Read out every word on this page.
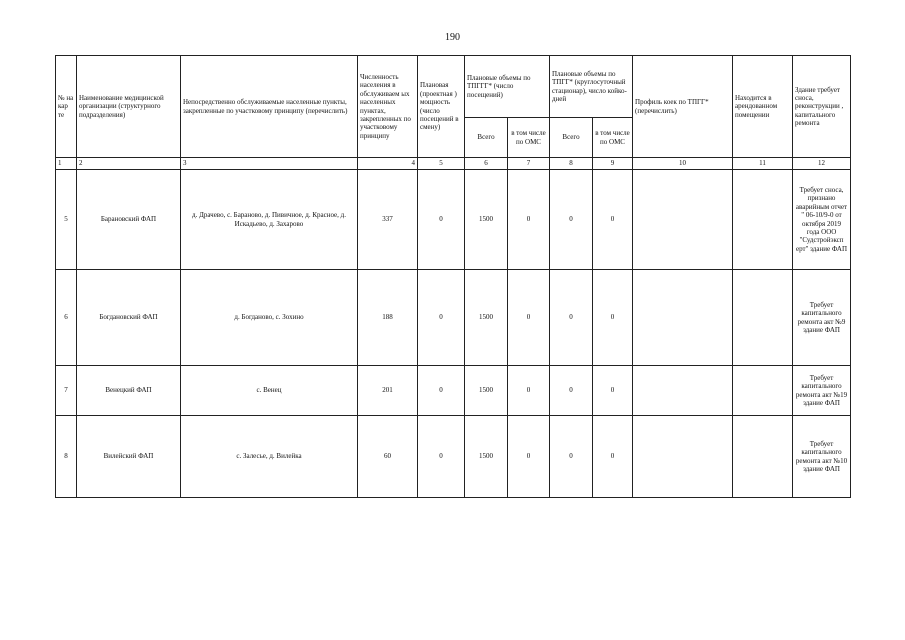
190
№ на кар те	Наименование медицинской организации (структурного подразделения)	Непосредственно обслуживаемые населенные пункты, закрепленные по участковому принципу (перечислить)	Численность населения в обслуживаем ых населенных пунктах, закрепленных по участковому принципу	Плановая (проектная ) мощность (число посещений в смену)	Плановые объемы по ТПГГГ* (число посещений)		Плановые объемы по ТПГГ* (круглосуточный стационар), число койко-дней		Профиль коек по ТПГГ* (перечислить)	Находится в арендованном помещении	Здание требует сноса, реконструкции , капитального ремонта
					Всего	в том числе по ОМС	Всего	в том числе по ОМС			
1	2	3	4	5	6	7	8	9	10	11	12
5	Барановский ФАП	д. Драчево, с. Бараново, д. Пивичное, д. Красное, д. Искадьево, д. Захарово	337	0	1500	0	0	0			Требует сноса, признано аварийным отчет " 06-10/9-0 от октября 2019 года ООО "Судстройэксп ерт" здание ФАП
6	Богдановский ФАП	д. Богданово, с. Зохино	188	0	1500	0	0	0			Требует капитального ремонта акт №9 здание ФАП
7	Венецкий ФАП	с. Венец	201	0	1500	0	0	0			Требует капитального ремонта акт №19 здание ФАП
8	Вилейский ФАП	с. Залесье, д. Вилейка	60	0	1500	0	0	0			Требует капитального ремонта акт №10 здание ФАП
